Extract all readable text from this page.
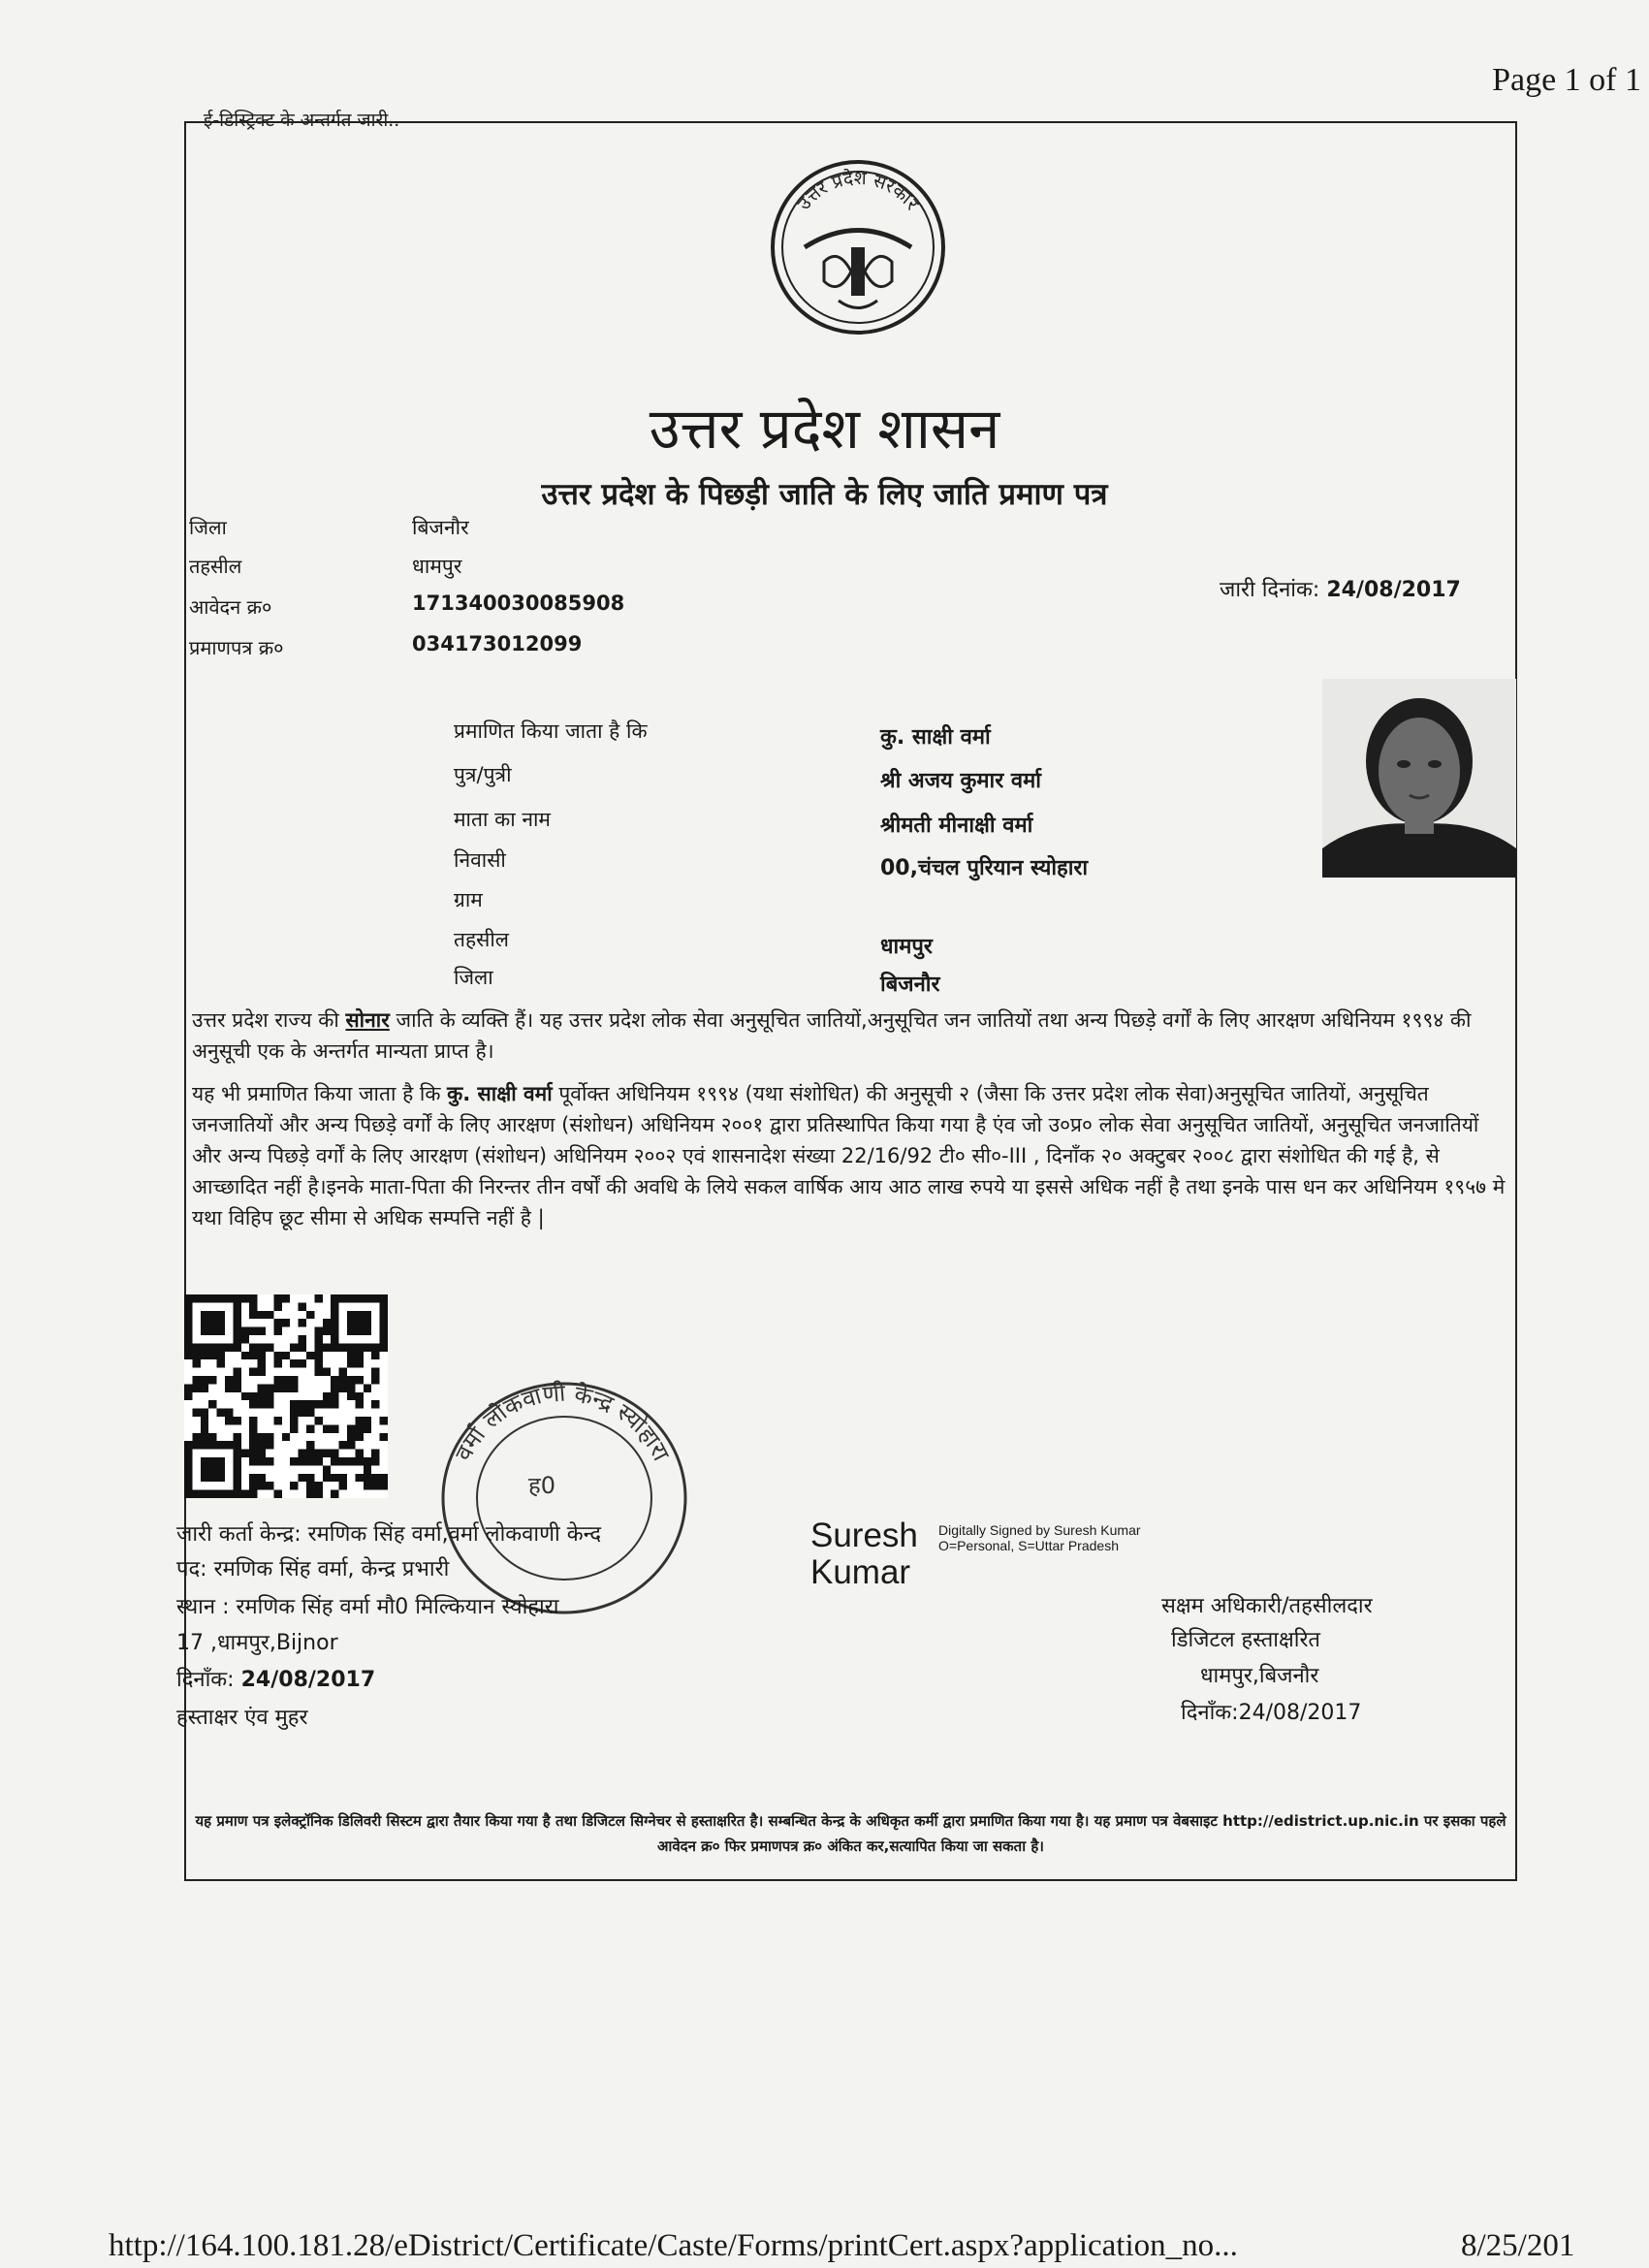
Page 1 of 1
ई-डिस्ट्रिक्ट के अन्तर्गत जारी..
उत्तर प्रदेश सरकार
उत्तर प्रदेश शासन
उत्तर प्रदेश के पिछड़ी जाति के लिए जाति प्रमाण पत्र
जिला	बिजनौर
तहसील	धामपुर
आवेदन क्र०	171340030085908
प्रमाणपत्र क्र०	034173012099
जारी दिनांक: 24/08/2017
प्रमाणित किया जाता है कि	कु. साक्षी वर्मा
पुत्र/पुत्री	श्री अजय कुमार वर्मा
माता का नाम	श्रीमती मीनाक्षी वर्मा
निवासी	00,चंचल पुरियान स्योहारा
ग्राम
तहसील	धामपुर
जिला	बिजनौर
उत्तर प्रदेश राज्य की सोनार जाति के व्यक्ति हैं। यह उत्तर प्रदेश लोक सेवा अनुसूचित जातियों,अनुसूचित जन जातियों तथा अन्य पिछड़े वर्गों के लिए आरक्षण अधिनियम १९९४ की अनुसूची एक के अन्तर्गत मान्यता प्राप्त है।
यह भी प्रमाणित किया जाता है कि कु. साक्षी वर्मा पूर्वोक्त अधिनियम १९९४ (यथा संशोधित) की अनुसूची २ (जैसा कि उत्तर प्रदेश लोक सेवा)अनुसूचित जातियों, अनुसूचित जनजातियों और अन्य पिछड़े वर्गों के लिए आरक्षण (संशोधन) अधिनियम २००१ द्वारा प्रतिस्थापित किया गया है एंव जो उ०प्र० लोक सेवा अनुसूचित जातियों, अनुसूचित जनजातियों और अन्य पिछड़े वर्गों के लिए आरक्षण (संशोधन) अधिनियम २००२ एवं शासनादेश संख्या 22/16/92 टी० सी०-III , दिनाँक २० अक्टुबर २००८ द्वारा संशोधित की गई है, से आच्छादित नहीं है।इनके माता-पिता की निरन्तर तीन वर्षों की अवधि के लिये सकल वार्षिक आय आठ लाख रुपये या इससे अधिक नहीं है तथा इनके पास धन कर अधिनियम १९५७ मे यथा विहिप छूट सीमा से अधिक सम्पत्ति नहीं है |
वर्मा लोकवाणी केन्द्र स्योहारा
ह0
जारी कर्ता केन्द्र: रमणिक सिंह वर्मा,वर्मा लोकवाणी केन्द
पद: रमणिक सिंह वर्मा, केन्द्र प्रभारी
स्थान : रमणिक सिंह वर्मा मौ0 मिल्कियान स्योहारा
17 ,धामपुर,Bijnor
दिनाँक: 24/08/2017
हस्ताक्षर एंव मुहर
Suresh Kumar
Digitally Signed by Suresh Kumar O=Personal, S=Uttar Pradesh
सक्षम अधिकारी/तहसीलदार
डिजिटल हस्ताक्षरित
धामपुर,बिजनौर
दिनाँक:24/08/2017
यह प्रमाण पत्र इलेक्ट्रॉनिक डिलिवरी सिस्टम द्वारा तैयार किया गया है तथा डिजिटल सिग्नेचर से हस्ताक्षरित है। सम्बन्धित केन्द्र के अधिकृत कर्मी द्वारा प्रमाणित किया गया है। यह प्रमाण पत्र वेबसाइट http://edistrict.up.nic.in पर इसका पहले आवेदन क्र० फिर प्रमाणपत्र क्र० अंकित कर,सत्यापित किया जा सकता है।
http://164.100.181.28/eDistrict/Certificate/Caste/Forms/printCert.aspx?application_no...	8/25/201
